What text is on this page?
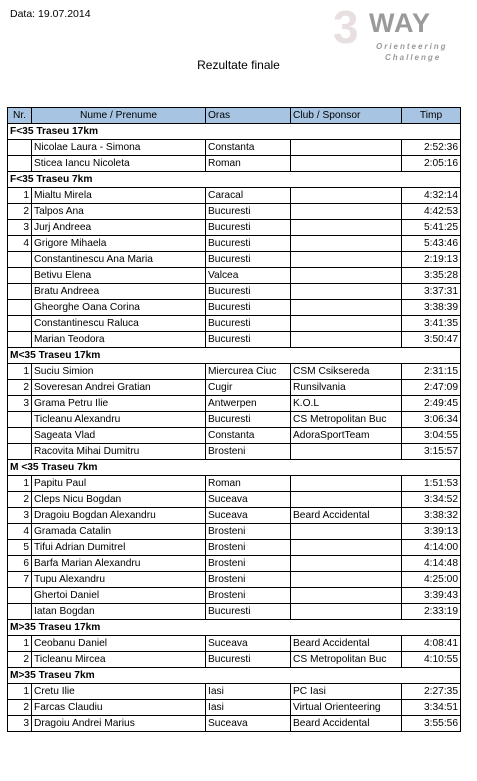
Data: 19.07.2014	3 WAY
Orienteering
Challenge
Rezultate finale
Nr.	Nume / Prenume	Oras	Club / Sponsor	Timp
F<35 Traseu 17km				
	Nicolae Laura - Simona	Constanta		2:52:36
	Sticea Iancu Nicoleta	Roman		2:05:16
F<35 Traseu 7km				
1	Mialtu Mirela	Caracal		4:32:14
2	Talpos Ana	Bucuresti		4:42:53
3	Jurj Andreea	Bucuresti		5:41:25
4	Grigore Mihaela	Bucuresti		5:43:46
	Constantinescu Ana Maria	Bucuresti		2:19:13
	Betivu Elena	Valcea		3:35:28
	Bratu Andreea	Bucuresti		3:37:31
	Gheorghe Oana Corina	Bucuresti		3:38:39
	Constantinescu Raluca	Bucuresti		3:41:35
	Marian Teodora	Bucuresti		3:50:47
M<35 Traseu 17km				
1	Suciu Simion	Miercurea Ciuc	CSM Csiksereda	2:31:15
2	Soveresan Andrei Gratian	Cugir	Runsilvania	2:47:09
3	Grama Petru Ilie	Antwerpen	K.O.L	2:49:45
	Ticleanu Alexandru	Bucuresti	CS Metropolitan Buc	3:06:34
	Sageata Vlad	Constanta	AdoraSportTeam	3:04:55
	Racovita Mihai Dumitru	Brosteni		3:15:57
M <35 Traseu 7km				
1	Papitu Paul	Roman		1:51:53
2	Cleps Nicu Bogdan	Suceava		3:34:52
3	Dragoiu Bogdan Alexandru	Suceava	Beard Accidental	3:38:32
4	Gramada Catalin	Brosteni		3:39:13
5	Tifui Adrian Dumitrel	Brosteni		4:14:00
6	Barfa Marian Alexandru	Brosteni		4:14:48
7	Tupu Alexandru	Brosteni		4:25:00
	Ghertoi Daniel	Brosteni		3:39:43
	Iatan Bogdan	Bucuresti		2:33:19
M>35 Traseu 17km				
1	Ceobanu Daniel	Suceava	Beard Accidental	4:08:41
2	Ticleanu Mircea	Bucuresti	CS Metropolitan Buc	4:10:55
M>35 Traseu 7km				
1	Cretu Ilie	Iasi	PC Iasi	2:27:35
2	Farcas Claudiu	Iasi	Virtual Orienteering	3:34:51
3	Dragoiu Andrei Marius	Suceava	Beard Accidental	3:55:56
